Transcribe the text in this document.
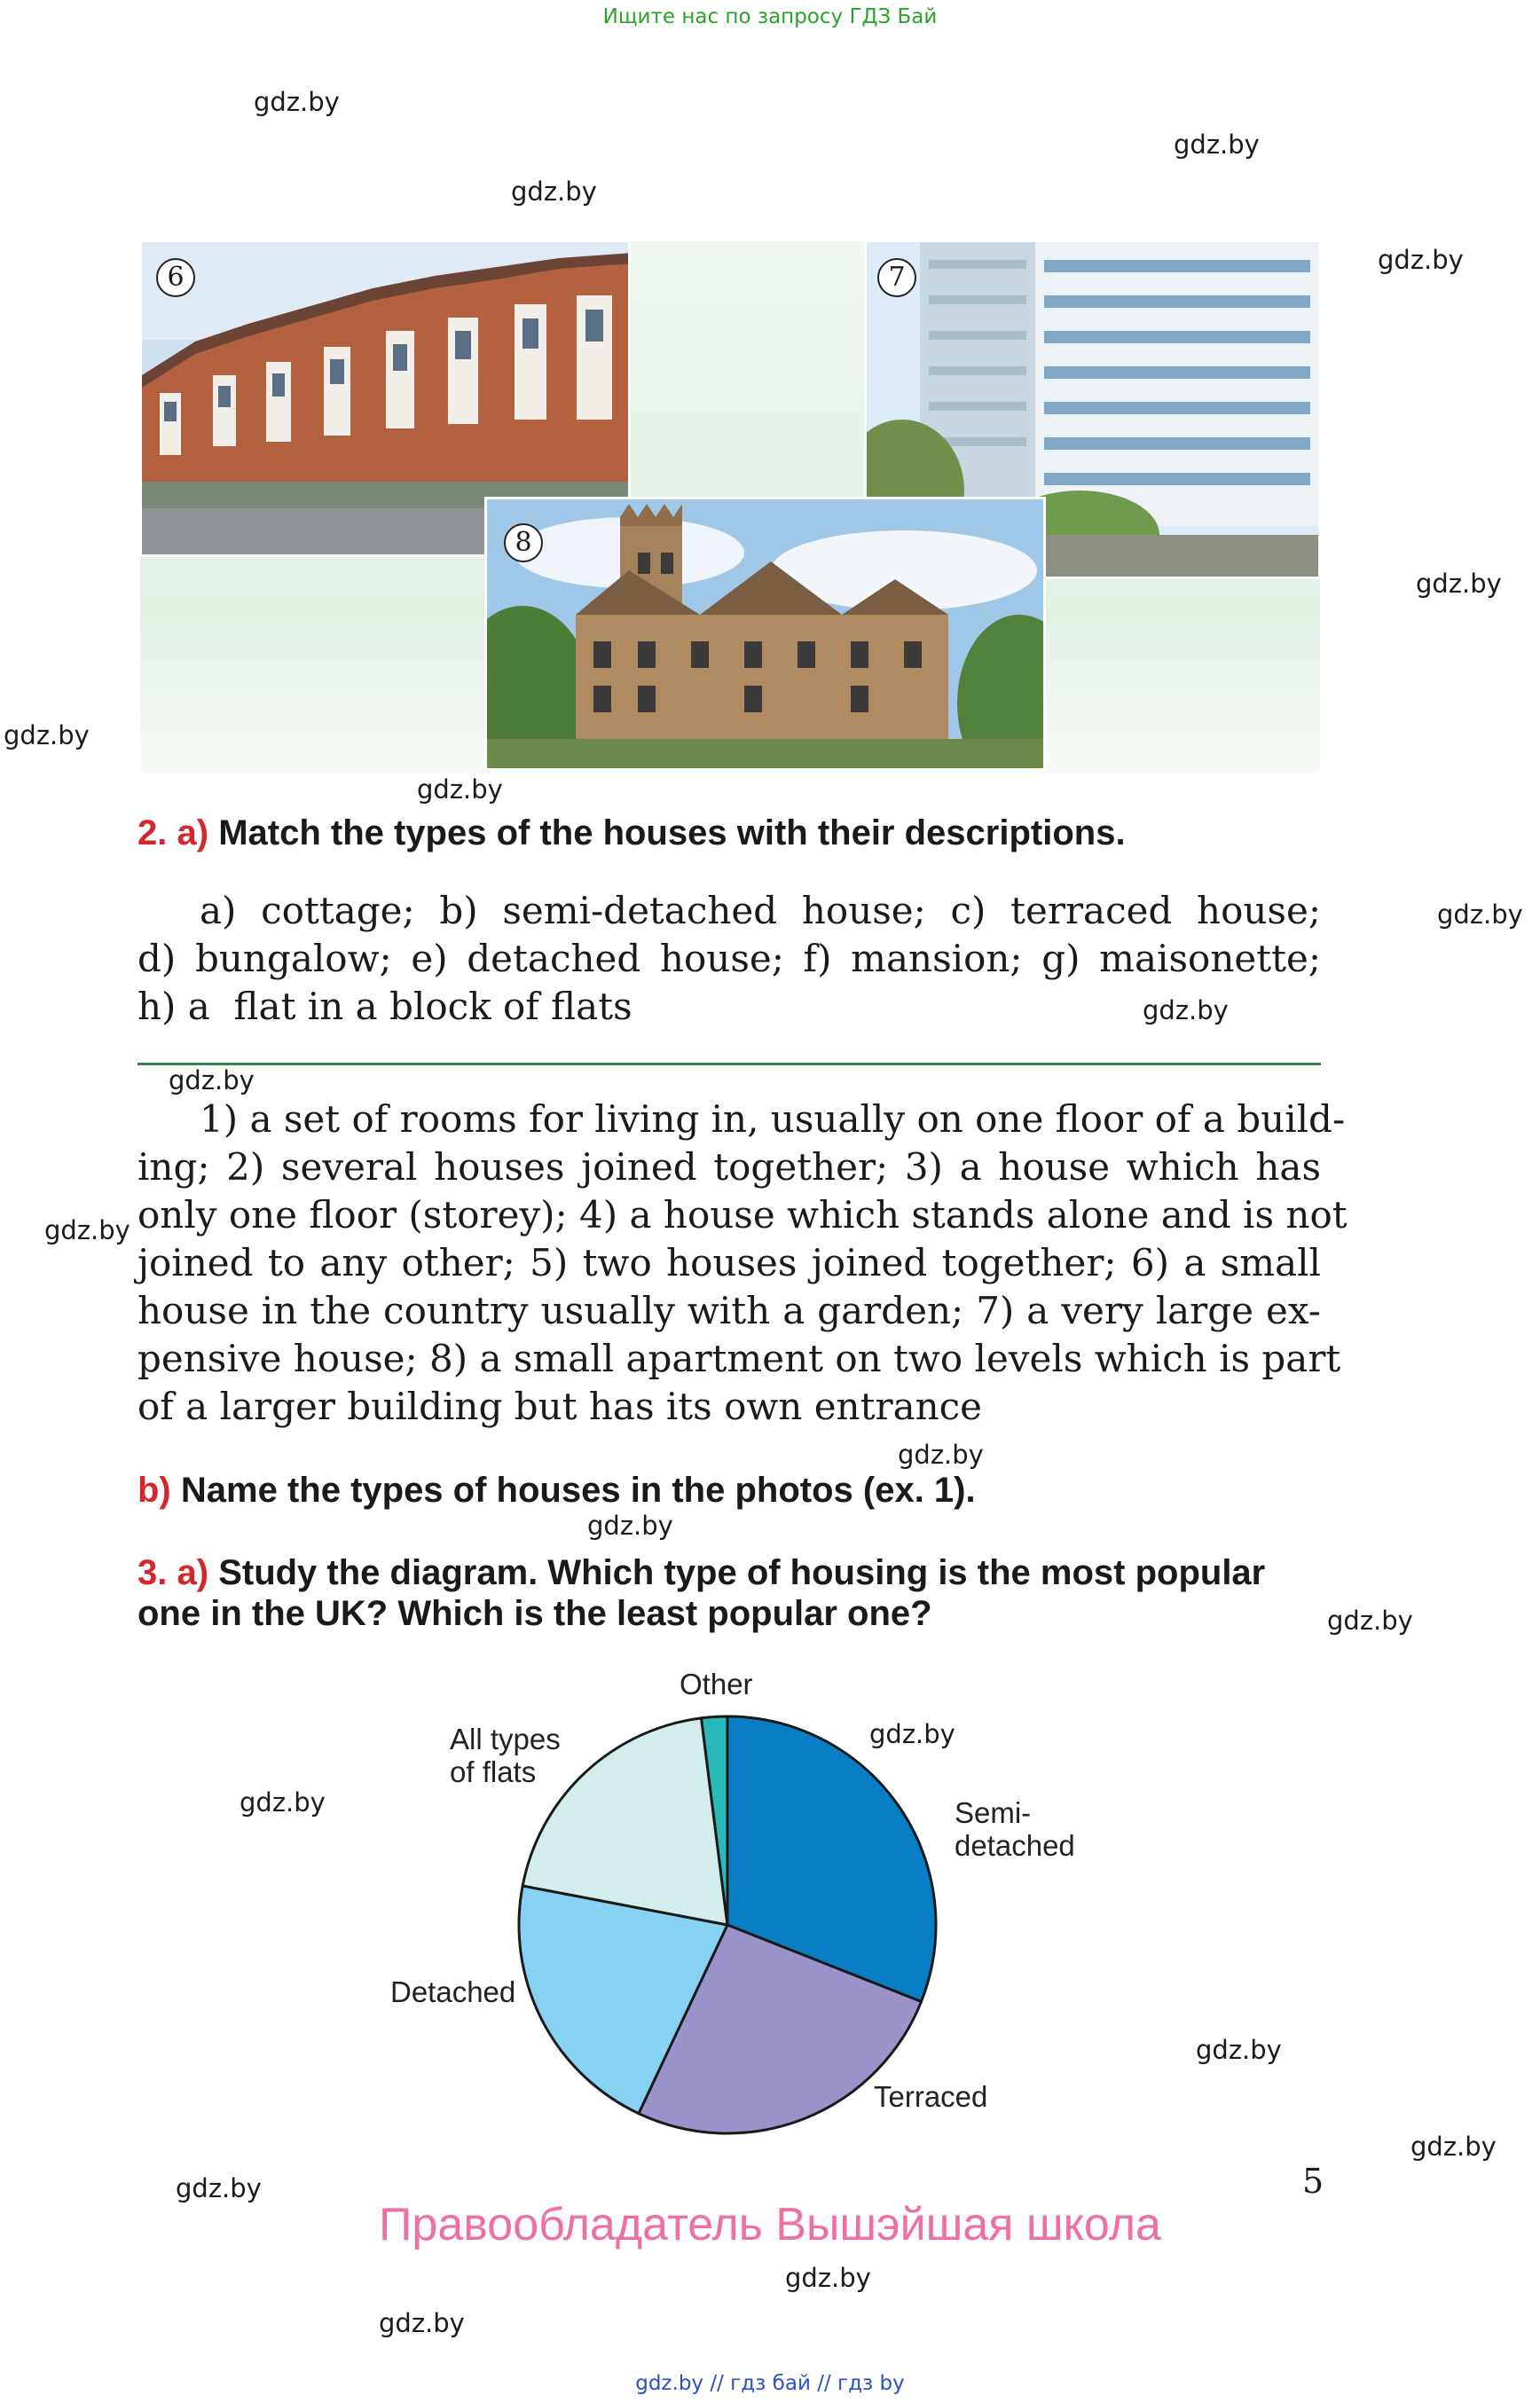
Ищите нас по запросу ГДЗ Бай
gdz.by
gdz.by
gdz.by
gdz.by
gdz.by
gdz.by
gdz.by
gdz.by
gdz.by
gdz.by
gdz.by
gdz.by
gdz.by
gdz.by
gdz.by
gdz.by
gdz.by
gdz.by
gdz.by
gdz.by
gdz.by
6	7
8
2. a) Match the types of the houses with their descriptions.
a) cottage; b) semi-detached house; c) terraced house;
d) bungalow; e) detached house; f) mansion; g) maisonette;
h) a  flat in a block of flats
1) a set of rooms for living in, usually on one floor of a build-
ing; 2) several houses joined together; 3) a house which has
only one floor (storey); 4) a house which stands alone and is not
joined to any other; 5) two houses joined together; 6) a small
house in the country usually with a garden; 7) a very large ex-
pensive house; 8) a small apartment on two levels which is part
of a larger building but has its own entrance
b) Name the types of houses in the photos (ex. 1).
3. a) Study the diagram. Which type of housing is the most popular
one in the UK? Which is the least popular one?
Other
All types
of flats
Semi-
detached
Detached
Terraced
5
Правообладатель Вышэйшая школа
gdz.by // гдз бай // гдз by
